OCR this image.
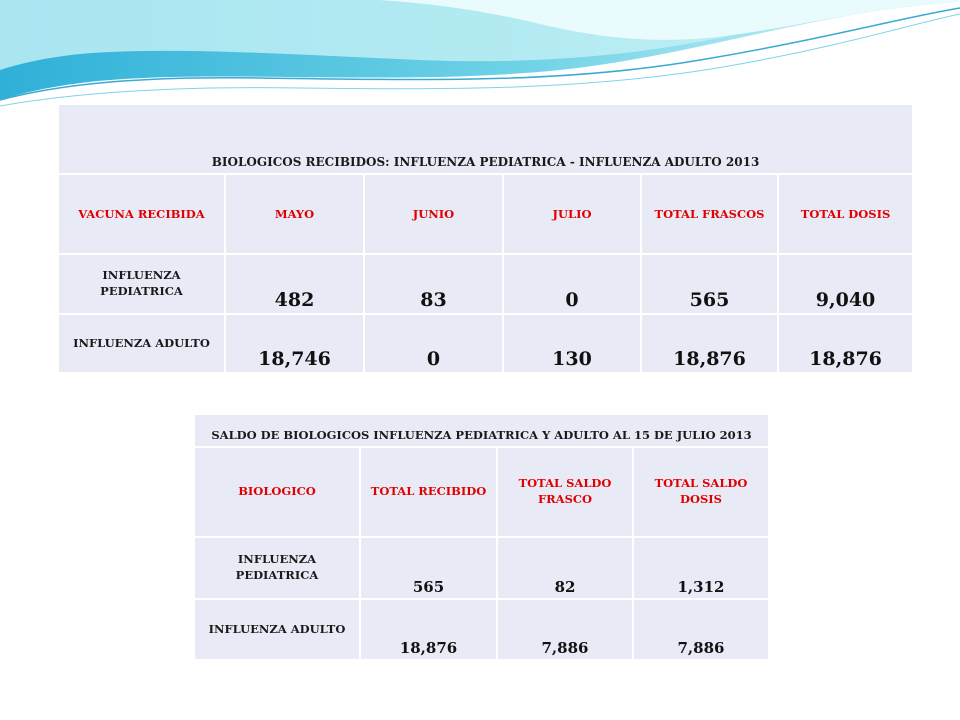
BIOLOGICOS RECIBIDOS: INFLUENZA PEDIATRICA - INFLUENZA ADULTO 2013					
VACUNA RECIBIDA	MAYO	JUNIO	JULIO	TOTAL FRASCOS	TOTAL DOSIS
INFLUENZA PEDIATRICA	482	83	0	565	9,040
INFLUENZA ADULTO	18,746	0	130	18,876	18,876
SALDO DE BIOLOGICOS INFLUENZA PEDIATRICA Y ADULTO AL 15 DE JULIO 2013			
BIOLOGICO	TOTAL RECIBIDO	TOTAL SALDO FRASCO	TOTAL SALDO DOSIS
INFLUENZA PEDIATRICA	565	82	1,312
INFLUENZA ADULTO	18,876	7,886	7,886
